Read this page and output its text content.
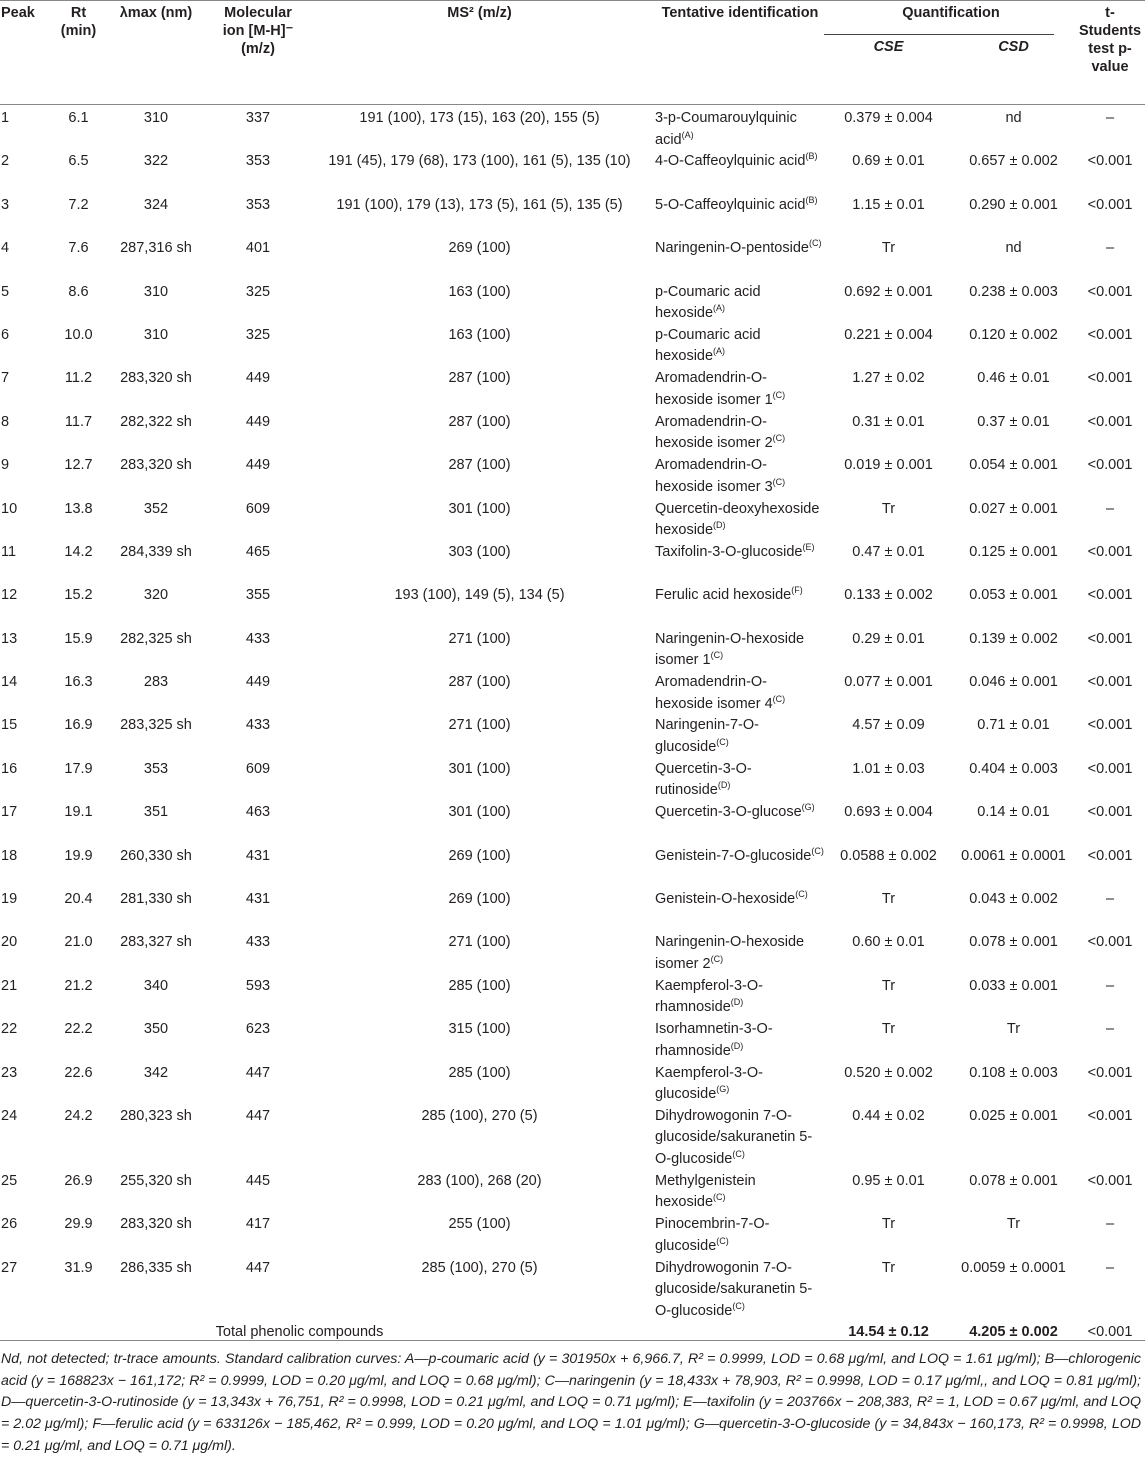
Peak	Rt (min)	λmax (nm)	Molecular ion [M-H]⁻ (m/z)	MS² (m/z)	Tentative identification	Quantification		t-Students test p-value
						CSE	CSD	
1	6.1	310	337	191 (100), 173 (15), 163 (20), 155 (5)	3-p-Coumarouylquinic acid$^{(A)}$	0.379 ± 0.004	nd	–
2	6.5	322	353	191 (45), 179 (68), 173 (100), 161 (5), 135 (10)	4-O-Caffeoylquinic acid$^{(B)}$	0.69 ± 0.01	0.657 ± 0.002	<0.001
3	7.2	324	353	191 (100), 179 (13), 173 (5), 161 (5), 135 (5)	5-O-Caffeoylquinic acid$^{(B)}$	1.15 ± 0.01	0.290 ± 0.001	<0.001
4	7.6	287,316 sh	401	269 (100)	Naringenin-O-pentoside$^{(C)}$	Tr	nd	–
5	8.6	310	325	163 (100)	p-Coumaric acid hexoside$^{(A)}$	0.692 ± 0.001	0.238 ± 0.003	<0.001
6	10.0	310	325	163 (100)	p-Coumaric acid hexoside$^{(A)}$	0.221 ± 0.004	0.120 ± 0.002	<0.001
7	11.2	283,320 sh	449	287 (100)	Aromadendrin-O-hexoside isomer $1^{(C)}$	1.27 ± 0.02	0.46 ± 0.01	<0.001
8	11.7	282,322 sh	449	287 (100)	Aromadendrin-O-hexoside isomer $2^{(C)}$	0.31 ± 0.01	0.37 ± 0.01	<0.001
9	12.7	283,320 sh	449	287 (100)	Aromadendrin-O-hexoside isomer $3^{(C)}$	0.019 ± 0.001	0.054 ± 0.001	<0.001
10	13.8	352	609	301 (100)	Quercetin-deoxyhexoside hexoside$^{(D)}$	Tr	0.027 ± 0.001	–
11	14.2	284,339 sh	465	303 (100)	Taxifolin-3-O-glucoside$^{(E)}$	0.47 ± 0.01	0.125 ± 0.001	<0.001
12	15.2	320	355	193 (100), 149 (5), 134 (5)	Ferulic acid hexoside$^{(F)}$	0.133 ± 0.002	0.053 ± 0.001	<0.001
13	15.9	282,325 sh	433	271 (100)	Naringenin-O-hexoside isomer $1^{(C)}$	0.29 ± 0.01	0.139 ± 0.002	<0.001
14	16.3	283	449	287 (100)	Aromadendrin-O-hexoside isomer $4^{(C)}$	0.077 ± 0.001	0.046 ± 0.001	<0.001
15	16.9	283,325 sh	433	271 (100)	Naringenin-7-O-glucoside$^{(C)}$	4.57 ± 0.09	0.71 ± 0.01	<0.001
16	17.9	353	609	301 (100)	Quercetin-3-O-rutinoside$^{(D)}$	1.01 ± 0.03	0.404 ± 0.003	<0.001
17	19.1	351	463	301 (100)	Quercetin-3-O-glucose$^{(G)}$	0.693 ± 0.004	0.14 ± 0.01	<0.001
18	19.9	260,330 sh	431	269 (100)	Genistein-7-O-glucoside$^{(C)}$	0.0588 ± 0.002	0.0061 ± 0.0001	<0.001
19	20.4	281,330 sh	431	269 (100)	Genistein-O-hexoside$^{(C)}$	Tr	0.043 ± 0.002	–
20	21.0	283,327 sh	433	271 (100)	Naringenin-O-hexoside isomer $2^{(C)}$	0.60 ± 0.01	0.078 ± 0.001	<0.001
21	21.2	340	593	285 (100)	Kaempferol-3-O-rhamnoside$^{(D)}$	Tr	0.033 ± 0.001	–
22	22.2	350	623	315 (100)	Isorhamnetin-3-O-rhamnoside$^{(D)}$	Tr	Tr	–
23	22.6	342	447	285 (100)	Kaempferol-3-O-glucoside$^{(G)}$	0.520 ± 0.002	0.108 ± 0.003	<0.001
24	24.2	280,323 sh	447	285 (100), 270 (5)	Dihydrowogonin 7-O-glucoside/sakuranetin 5-O-glucoside$^{(C)}$	0.44 ± 0.02	0.025 ± 0.001	<0.001
25	26.9	255,320 sh	445	283 (100), 268 (20)	Methylgenistein hexoside$^{(C)}$	0.95 ± 0.01	0.078 ± 0.001	<0.001
26	29.9	283,320 sh	417	255 (100)	Pinocembrin-7-O-glucoside$^{(C)}$	Tr	Tr	–
27	31.9	286,335 sh	447	285 (100), 270 (5)	Dihydrowogonin 7-O-glucoside/sakuranetin 5-O-glucoside$^{(C)}$	Tr	0.0059 ± 0.0001	–
Total phenolic compounds						14.54 ± 0.12	4.205 ± 0.002	<0.001
Nd, not detected; tr-trace amounts. Standard calibration curves: A—p-coumaric acid (y = 301950x + 6,966.7, R² = 0.9999, LOD = 0.68 μg/ml, and LOQ = 1.61 μg/ml); B—chlorogenic acid (y = 168823x − 161,172; R² = 0.9999, LOD = 0.20 μg/ml, and LOQ = 0.68 μg/ml); C—naringenin (y = 18,433x + 78,903, R² = 0.9998, LOD = 0.17 μg/ml,, and LOQ = 0.81 μg/ml); D—quercetin-3-O-rutinoside (y = 13,343x + 76,751, R² = 0.9998, LOD = 0.21 μg/ml, and LOQ = 0.71 μg/ml); E—taxifolin (y = 203766x − 208,383, R² = 1, LOD = 0.67 μg/ml, and LOQ = 2.02 μg/ml); F—ferulic acid (y = 633126x − 185,462, R² = 0.999, LOD = 0.20 μg/ml, and LOQ = 1.01 μg/ml); G—quercetin-3-O-glucoside (y = 34,843x − 160,173, R² = 0.9998, LOD = 0.21 μg/ml, and LOQ = 0.71 μg/ml).
